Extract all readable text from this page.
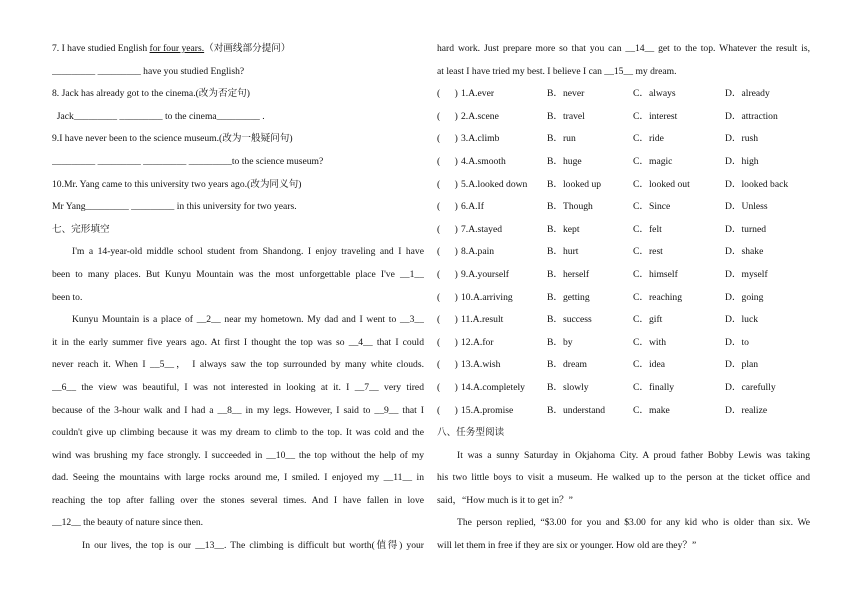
7. I have studied English for four years.（对画线部分提问）
_________ _________ have you studied English?
8. Jack has already got to the cinema.(改为否定句)
Jack_________ _________ to the cinema_________ .
9.I have never been to the science museum.(改为一般疑问句)
_________ _________ _________ _________to the science museum?
10.Mr. Yang came to this university two years ago.(改为同义句)
Mr Yang_________ _________ in this university for two years.
七、完形填空
I'm a 14-year-old middle school student from Shandong. I enjoy traveling and I have
been to many places. But Kunyu Mountain was the most unforgettable place I've __1__
been to.
Kunyu Mountain is a place of __2__ near my hometown. My dad and I went to __3__
it in the early summer five years ago. At first I thought the top was so __4__ that I could
never reach it. When I __5__， I always saw the top surrounded by many white clouds.
__6__ the view was beautiful, I was not interested in looking at it. I __7__ very tired
because of the 3-hour walk and I had a __8__ in my legs. However, I said to __9__ that I
couldn't give up climbing because it was my dream to climb to the top. It was cold and the
wind was brushing my face strongly. I succeeded in __10__ the top without the help of my
dad. Seeing the mountains with large rocks around me, I smiled. I enjoyed my __11__ in
reaching the top after falling over the stones several times. And I have fallen in love
__12__ the beauty of nature since then.
In our lives, the top is our __13__. The climbing is difficult but worth(值得) your
hard work. Just prepare more so that you can __14__ get to the top. Whatever the result is,
at least I have tried my best. I believe I can __15__ my dream.
(      ) 1.A.ever	B．never	C．always	D．already
(      ) 2.A.scene	B．travel	C．interest	D．attraction
(      ) 3.A.climb	B．run	C．ride	D．rush
(      ) 4.A.smooth	B．huge	C．magic	D．high
(      ) 5.A.looked down B．looked up	C．looked out	D．looked back
(      ) 6.A.If	B．Though	C．Since	D．Unless
(      ) 7.A.stayed	B．kept	C．felt	D．turned
(      ) 8.A.pain	B．hurt	C．rest	D．shake
(      ) 9.A.yourself	B．herself	C．himself	D．myself
(      ) 10.A.arriving	B．getting	C．reaching	D．going
(      ) 11.A.result	B．success	C．gift	D．luck
(      ) 12.A.for	B．by	C．with	D．to
(      ) 13.A.wish	B．dream	C．idea	D．plan
(      ) 14.A.completely B．slowly	C．finally	D．carefully
(      ) 15.A.promise	B．understand	C．make	D．realize
八、任务型阅读
It was a sunny Saturday in Okjahoma City. A proud father Bobby Lewis was taking
his two little boys to visit a museum. He walked up to the person at the ticket office and
said，“How much is it to get in？”
The person replied, “$3.00 for you and $3.00 for any kid who is older than six. We
will let them in free if they are six or younger. How old are they？”
